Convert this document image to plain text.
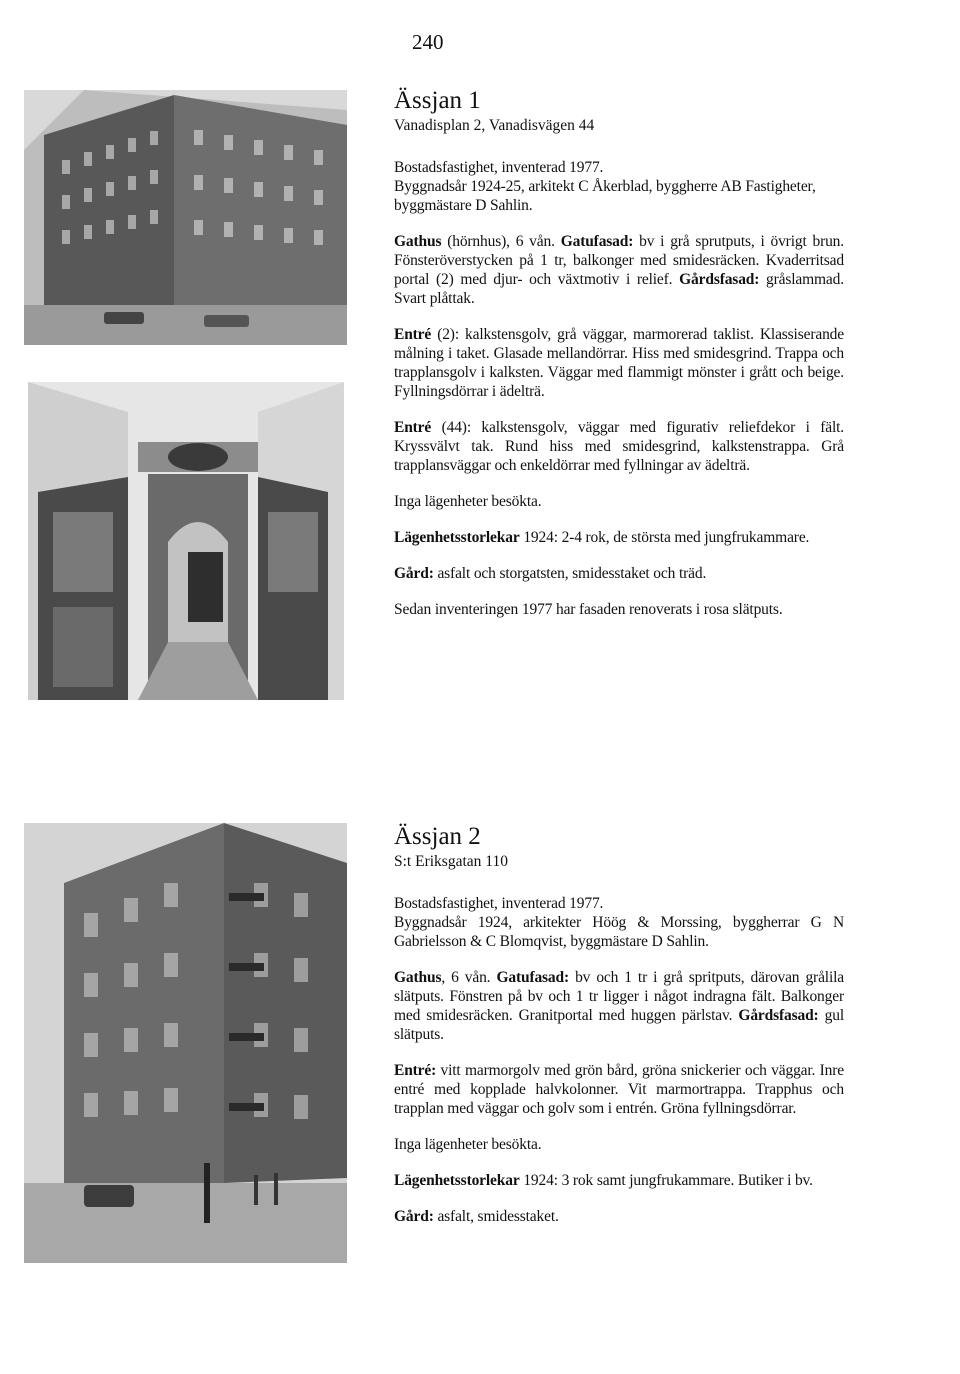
240
Ässjan 1
Vanadisplan 2, Vanadisvägen 44

Bostadsfastighet, inventerad 1977.
Byggnadsår 1924-25, arkitekt C Åkerblad, byggherre AB Fastigheter, byggmästare D Sahlin.

Gathus (hörnhus), 6 vån. Gatufasad: bv i grå sprutputs, i övrigt brun. Fönsteröverstycken på 1 tr, balkonger med smidesräcken. Kvaderritsad portal (2) med djur- och växtmotiv i relief. Gårdsfasad: gråslammad. Svart plåttak.

Entré (2): kalkstensgolv, grå väggar, marmorerad taklist. Klassiserande målning i taket. Glasade mellandörrar. Hiss med smidesgrind. Trappa och trapplansgolv i kalksten. Väggar med flammigt mönster i grått och beige. Fyllningsdörrar i ädelträ.

Entré (44): kalkstensgolv, väggar med figurativ reliefdekor i fält. Kryssvälvt tak. Rund hiss med smidesgrind, kalkstenstrappa. Grå trapplansväggar och enkeldörrar med fyllningar av ädelträ.

Inga lägenheter besökta.

Lägenhetsstorlekar 1924: 2-4 rok, de största med jungfrukammare.

Gård: asfalt och storgatsten, smidesstaket och träd.

Sedan inventeringen 1977 har fasaden renoverats i rosa slätputs.

Ässjan 2
S:t Eriksgatan 110

Bostadsfastighet, inventerad 1977.
Byggnadsår 1924, arkitekter Höög & Morssing, byggherrar G N Gabrielsson & C Blomqvist, byggmästare D Sahlin.

Gathus, 6 vån. Gatufasad: bv och 1 tr i grå spritputs, därovan grålila slätputs. Fönstren på bv och 1 tr ligger i något indragna fält. Balkonger med smidesräcken. Granitportal med huggen pärlstav. Gårdsfasad: gul slätputs.

Entré: vitt marmorgolv med grön bård, gröna snickerier och väggar. Inre entré med kopplade halvkolonner. Vit marmortrappa. Trapphus och trapplan med väggar och golv som i entrén. Gröna fyllningsdörrar.

Inga lägenheter besökta.

Lägenhetsstorlekar 1924: 3 rok samt jungfrukammare. Butiker i bv.

Gård: asfalt, smidesstaket.
